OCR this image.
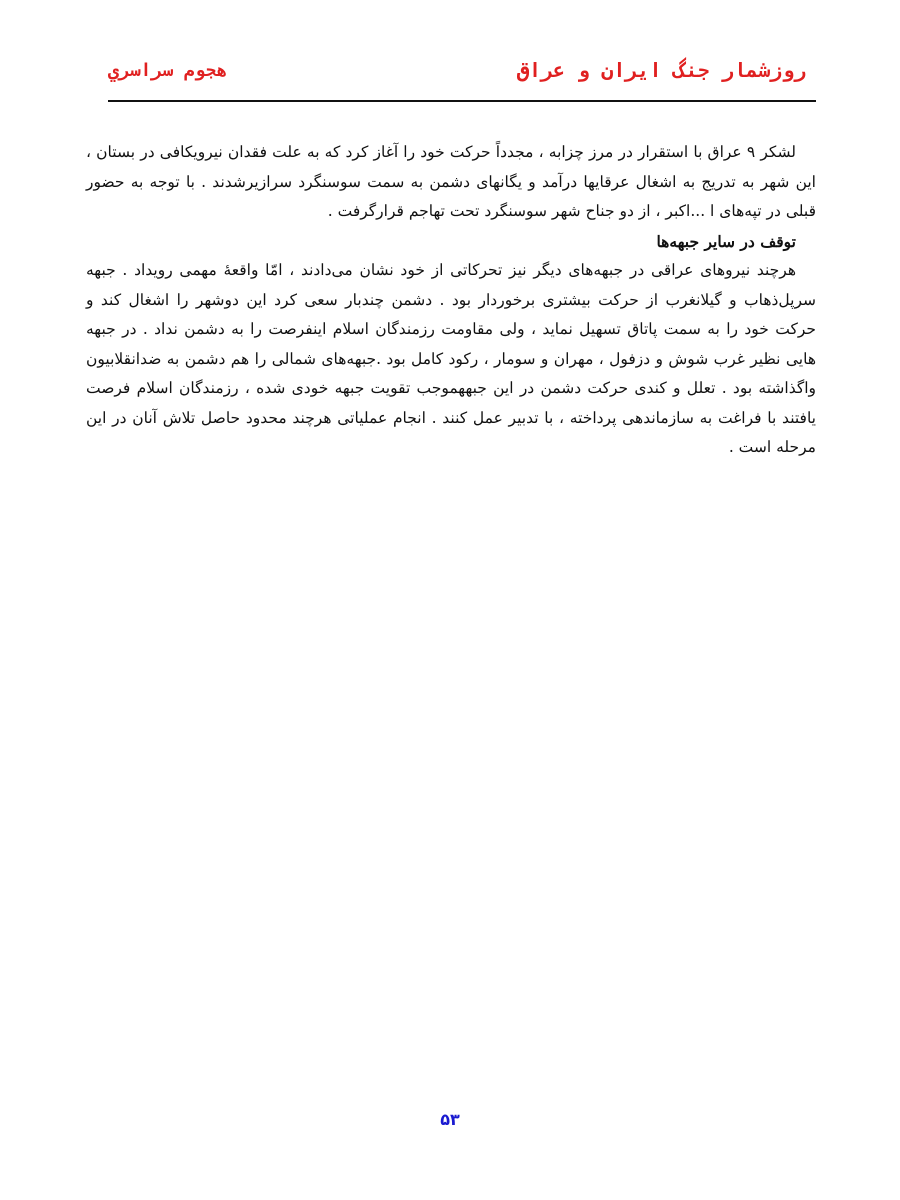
روزشمار جنگ ایران و عراق
هجوم سراسري

لشکر ۹ عراق با استقرار در مرز چزابه ، مجدداً حرکت خود را آغاز کرد که به علت فقدان نیرویکافی در بستان ، این شهر به تدریج به اشغال عرقایها درآمد و یگانهای دشمن به سمت سوسنگرد سرازیرشدند . با توجه به حضور قبلی در تپه‌های ا ...اکبر ، از دو جناح شهر سوسنگرد تحت تهاجم قرارگرفت .

توقف در سایر جبهه‌ها

هرچند نیروهای عراقی در جبهه‌های دیگر نیز تحرکاتی از خود نشان می‌دادند ، امّا واقعهٔ مهمی رویداد . جبهه سرپل‌ذهاب و گیلانغرب از حرکت بیشتری برخوردار بود . دشمن چندبار سعی کرد این دوشهر را اشغال کند و حرکت خود را به سمت پاتاق تسهیل نماید ، ولی مقاومت رزمندگان اسلام اینفرصت را به دشمن نداد . در جبهه هایی نظیر غرب شوش و دزفول ، مهران و سومار ، رکود کامل بود .جبهه‌های شمالی را هم دشمن به ضدانقلابیون واگذاشته بود . تعلل و کندی حرکت دشمن در این جبههموجب تقویت جبهه خودی شده ، رزمندگان اسلام فرصت یافتند با فراغت به سازماندهی پرداخته ، با تدبیر عمل کنند . انجام عملیاتی هرچند محدود حاصل تلاش آنان در این مرحله است .

۵۳
